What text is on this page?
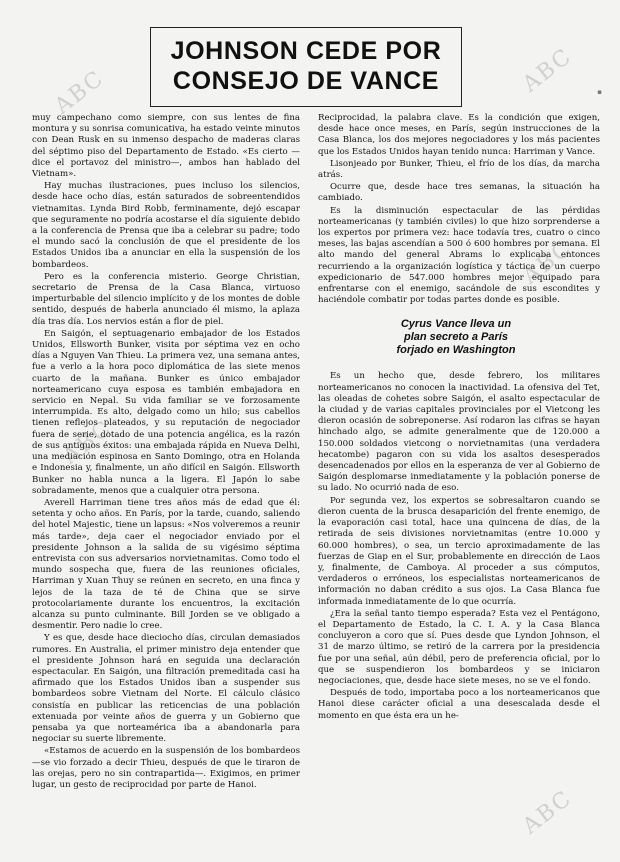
ABC	ABC
ABC
ABC
ABC
▪
JOHNSON CEDE POR
CONSEJO DE VANCE

muy campechano como siempre, con sus lentes de fina montura y su sonrisa comunicativa, ha estado veinte minutos con Dean Rusk en su inmenso despacho de maderas claras del séptimo piso del Departamento de Estado. «Es cierto —dice el portavoz del ministro—, ambos han hablado del Vietnam».

Hay muchas ilustraciones, pues incluso los silencios, desde hace ocho días, están saturados de sobreentendidos vietnamitas. Lynda Bird Robb, ferminamente, dejó escapar que seguramente no podría acostarse el día siguiente debido a la conferencia de Prensa que iba a celebrar su padre; todo el mundo sacó la conclusión de que el presidente de los Estados Unidos iba a anunciar en ella la suspensión de los bombardeos.

Pero es la conferencia misterio. George Christian, secretario de Prensa de la Casa Blanca, virtuoso imperturbable del silencio implícito y de los montes de doble sentido, después de haberla anunciado él mismo, la aplaza día tras día. Los nervios están a flor de piel.

En Saigón, el septuagenario embajador de los Estados Unidos, Ellsworth Bunker, visita por séptima vez en ocho días a Nguyen Van Thieu. La primera vez, una semana antes, fue a verlo a la hora poco diplomática de las siete menos cuarto de la mañana. Bunker es único embajador norteamericano cuya esposa es también embajadora en servicio en Nepal. Su vida familiar se ve forzosamente interrumpida. Es alto, delgado como un hilo; sus cabellos tienen reflejos plateados, y su reputación de negociador fuera de serie, dotado de una potencia angélica, es la razón de sus antiguos éxitos: una embajada rápida en Nueva Delhi, una mediación espinosa en Santo Domingo, otra en Holanda e Indonesia y, finalmente, un año difícil en Saigón. Ellsworth Bunker no habla nunca a la ligera. El Japón lo sabe sobradamente, menos que a cualquier otra persona.

Averell Harriman tiene tres años más de edad que él: setenta y ocho años. En París, por la tarde, cuando, saliendo del hotel Majestic, tiene un lapsus: «Nos volveremos a reunir más tarde», deja caer el negociador enviado por el presidente Johnson a la salida de su vigésimo séptima entrevista con sus adversarios norvietnamitas. Como todo el mundo sospecha que, fuera de las reuniones oficiales, Harriman y Xuan Thuy se reúnen en secreto, en una finca y lejos de la taza de té de China que se sirve protocolariamente durante los encuentros, la excitación alcanza su punto culminante. Bill Jorden se ve obligado a desmentir. Pero nadie lo cree.

Y es que, desde hace dieciocho días, circulan demasiados rumores. En Australia, el primer ministro deja entender que el presidente Johnson hará en seguida una declaración espectacular. En Saigón, una filtración premeditada casi ha afirmado que los Estados Unidos iban a suspender sus bombardeos sobre Vietnam del Norte. El cálculo clásico consistía en publicar las reticencias de una población extenuada por veinte años de guerra y un Gobierno que pensaba ya que norteamérica iba a abandonarla para negociar su suerte libremente.

«Estamos de acuerdo en la suspensión de los bombardeos —se vio forzado a decir Thieu, después de que le tiraron de las orejas, pero no sin contrapartida—. Exigimos, en primer lugar, un gesto de reciprocidad por parte de Hanoi.

Reciprocidad, la palabra clave. Es la condición que exigen, desde hace once meses, en París, según instrucciones de la Casa Blanca, los dos mejores negociadores y los más pacientes que los Estados Unidos hayan tenido nunca: Harriman y Vance.

Lisonjeado por Bunker, Thieu, el frío de los días, da marcha atrás.

Ocurre que, desde hace tres semanas, la situación ha cambiado.

Es la disminución espectacular de las pérdidas norteamericanas (y también civiles) lo que hizo sorprenderse a los expertos por primera vez: hace todavía tres, cuatro o cinco meses, las bajas ascendían a 500 ó 600 hombres por semana. El alto mando del general Abrams lo explicaba entonces recurriendo a la organización logística y táctica de un cuerpo expedicionario de 547.000 hombres mejor equipado para enfrentarse con el enemigo, sacándole de sus escondites y haciéndole combatir por todas partes donde es posible.

Cyrus Vance lleva un
plan secreto a París
forjado en Washington

Es un hecho que, desde febrero, los militares norteamericanos no conocen la inactividad. La ofensiva del Tet, las oleadas de cohetes sobre Saigón, el asalto espectacular de la ciudad y de varias capitales provinciales por el Vietcong les dieron ocasión de sobreponerse. Así rodaron las cifras se hayan hinchado algo, se admite generalmente que de 120.000 a 150.000 soldados vietcong o norvietnamitas (una verdadera hecatombe) pagaron con su vida los asaltos desesperados desencadenados por ellos en la esperanza de ver al Gobierno de Saigón desplomarse inmediatamente y la población ponerse de su lado. No ocurrió nada de eso.

Por segunda vez, los expertos se sobresaltaron cuando se dieron cuenta de la brusca desaparición del frente enemigo, de la evaporación casi total, hace una quincena de días, de la retirada de seis divisiones norvietnamitas (entre 10.000 y 60.000 hombres), o sea, un tercio aproximadamente de las fuerzas de Giap en el Sur, probablemente en dirección de Laos y, finalmente, de Camboya. Al proceder a sus cómputos, verdaderos o erróneos, los especialistas norteamericanos de información no daban crédito a sus ojos. La Casa Blanca fue informada inmediatamente de lo que ocurría.

¿Era la señal tanto tiempo esperada? Esta vez el Pentágono, el Departamento de Estado, la C. I. A. y la Casa Blanca concluyeron a coro que sí. Pues desde que Lyndon Johnson, el 31 de marzo último, se retiró de la carrera por la presidencia fue por una señal, aún débil, pero de preferencia oficial, por lo que se suspendieron los bombardeos y se iniciaron negociaciones, que, desde hace siete meses, no se ve el fondo.

Después de todo, importaba poco a los norteamericanos que Hanoi diese carácter oficial a una desescalada desde el momento en que ésta era un he-
